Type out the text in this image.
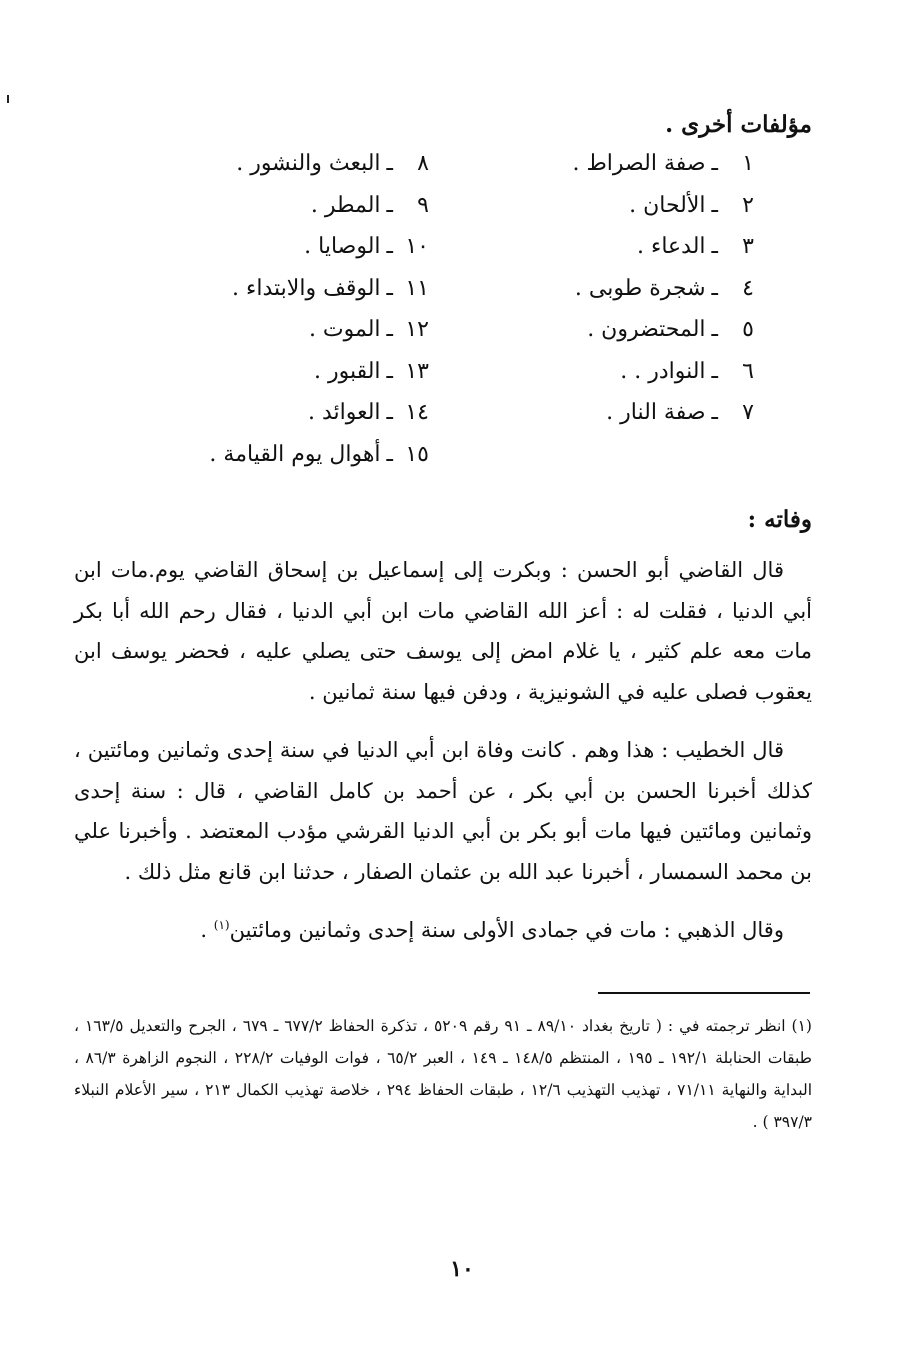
مؤلفات أخرى .
١ـصفة الصراط .
٢ـالألحان .
٣ـالدعاء .
٤ـشجرة طوبى .
٥ـالمحتضرون .
٦ـالنوادر . .
٧ـصفة النار .
٨ـالبعث والنشور .
٩ـالمطر .
١٠ـالوصايا .
١١ـالوقف والابتداء .
١٢ـالموت .
١٣ـالقبور .
١٤ـالعوائد .
١٥ـأهوال يوم القيامة .
وفاته :

قال القاضي أبو الحسن : وبكرت إلى إسماعيل بن إسحاق القاضي يوم.مات ابن أبي الدنيا ، فقلت له : أعز الله القاضي مات ابن أبي الدنيا ، فقال رحم الله أبا بكر مات معه علم كثير ، يا غلام امض إلى يوسف حتى يصلي عليه ، فحضر يوسف ابن يعقوب فصلى عليه في الشونيزية ، ودفن فيها سنة ثمانين .

قال الخطيب : هذا وهم . كانت وفاة ابن أبي الدنيا في سنة إحدى وثمانين ومائتين ، كذلك أخبرنا الحسن بن أبي بكر ، عن أحمد بن كامل القاضي ، قال : سنة إحدى وثمانين ومائتين فيها مات أبو بكر بن أبي الدنيا القرشي مؤدب المعتضد . وأخبرنا علي بن محمد السمسار ، أخبرنا عبد الله بن عثمان الصفار ، حدثنا ابن قانع مثل ذلك .

وقال الذهبي : مات في جمادى الأولى سنة إحدى وثمانين ومائتين$^{(١)}$ .

(١) انظر ترجمته في : ( تاريخ بغداد ٨٩/١٠ ـ ٩١ رقم ٥٢٠٩ ، تذكرة الحفاظ ٦٧٧/٢ ـ ٦٧٩ ، الجرح والتعديل ١٦٣/٥ ، طبقات الحنابلة ١٩٢/١ ـ ١٩٥ ، المنتظم ١٤٨/٥ ـ ١٤٩ ، العبر ٦٥/٢ ، فوات الوفيات ٢٢٨/٢ ، النجوم الزاهرة ٨٦/٣ ، البداية والنهاية ٧١/١١ ، تهذيب التهذيب ١٢/٦ ، طبقات الحفاظ ٢٩٤ ، خلاصة تهذيب الكمال ٢١٣ ، سير الأعلام النبلاء ٣٩٧/٣ ) .

١٠
